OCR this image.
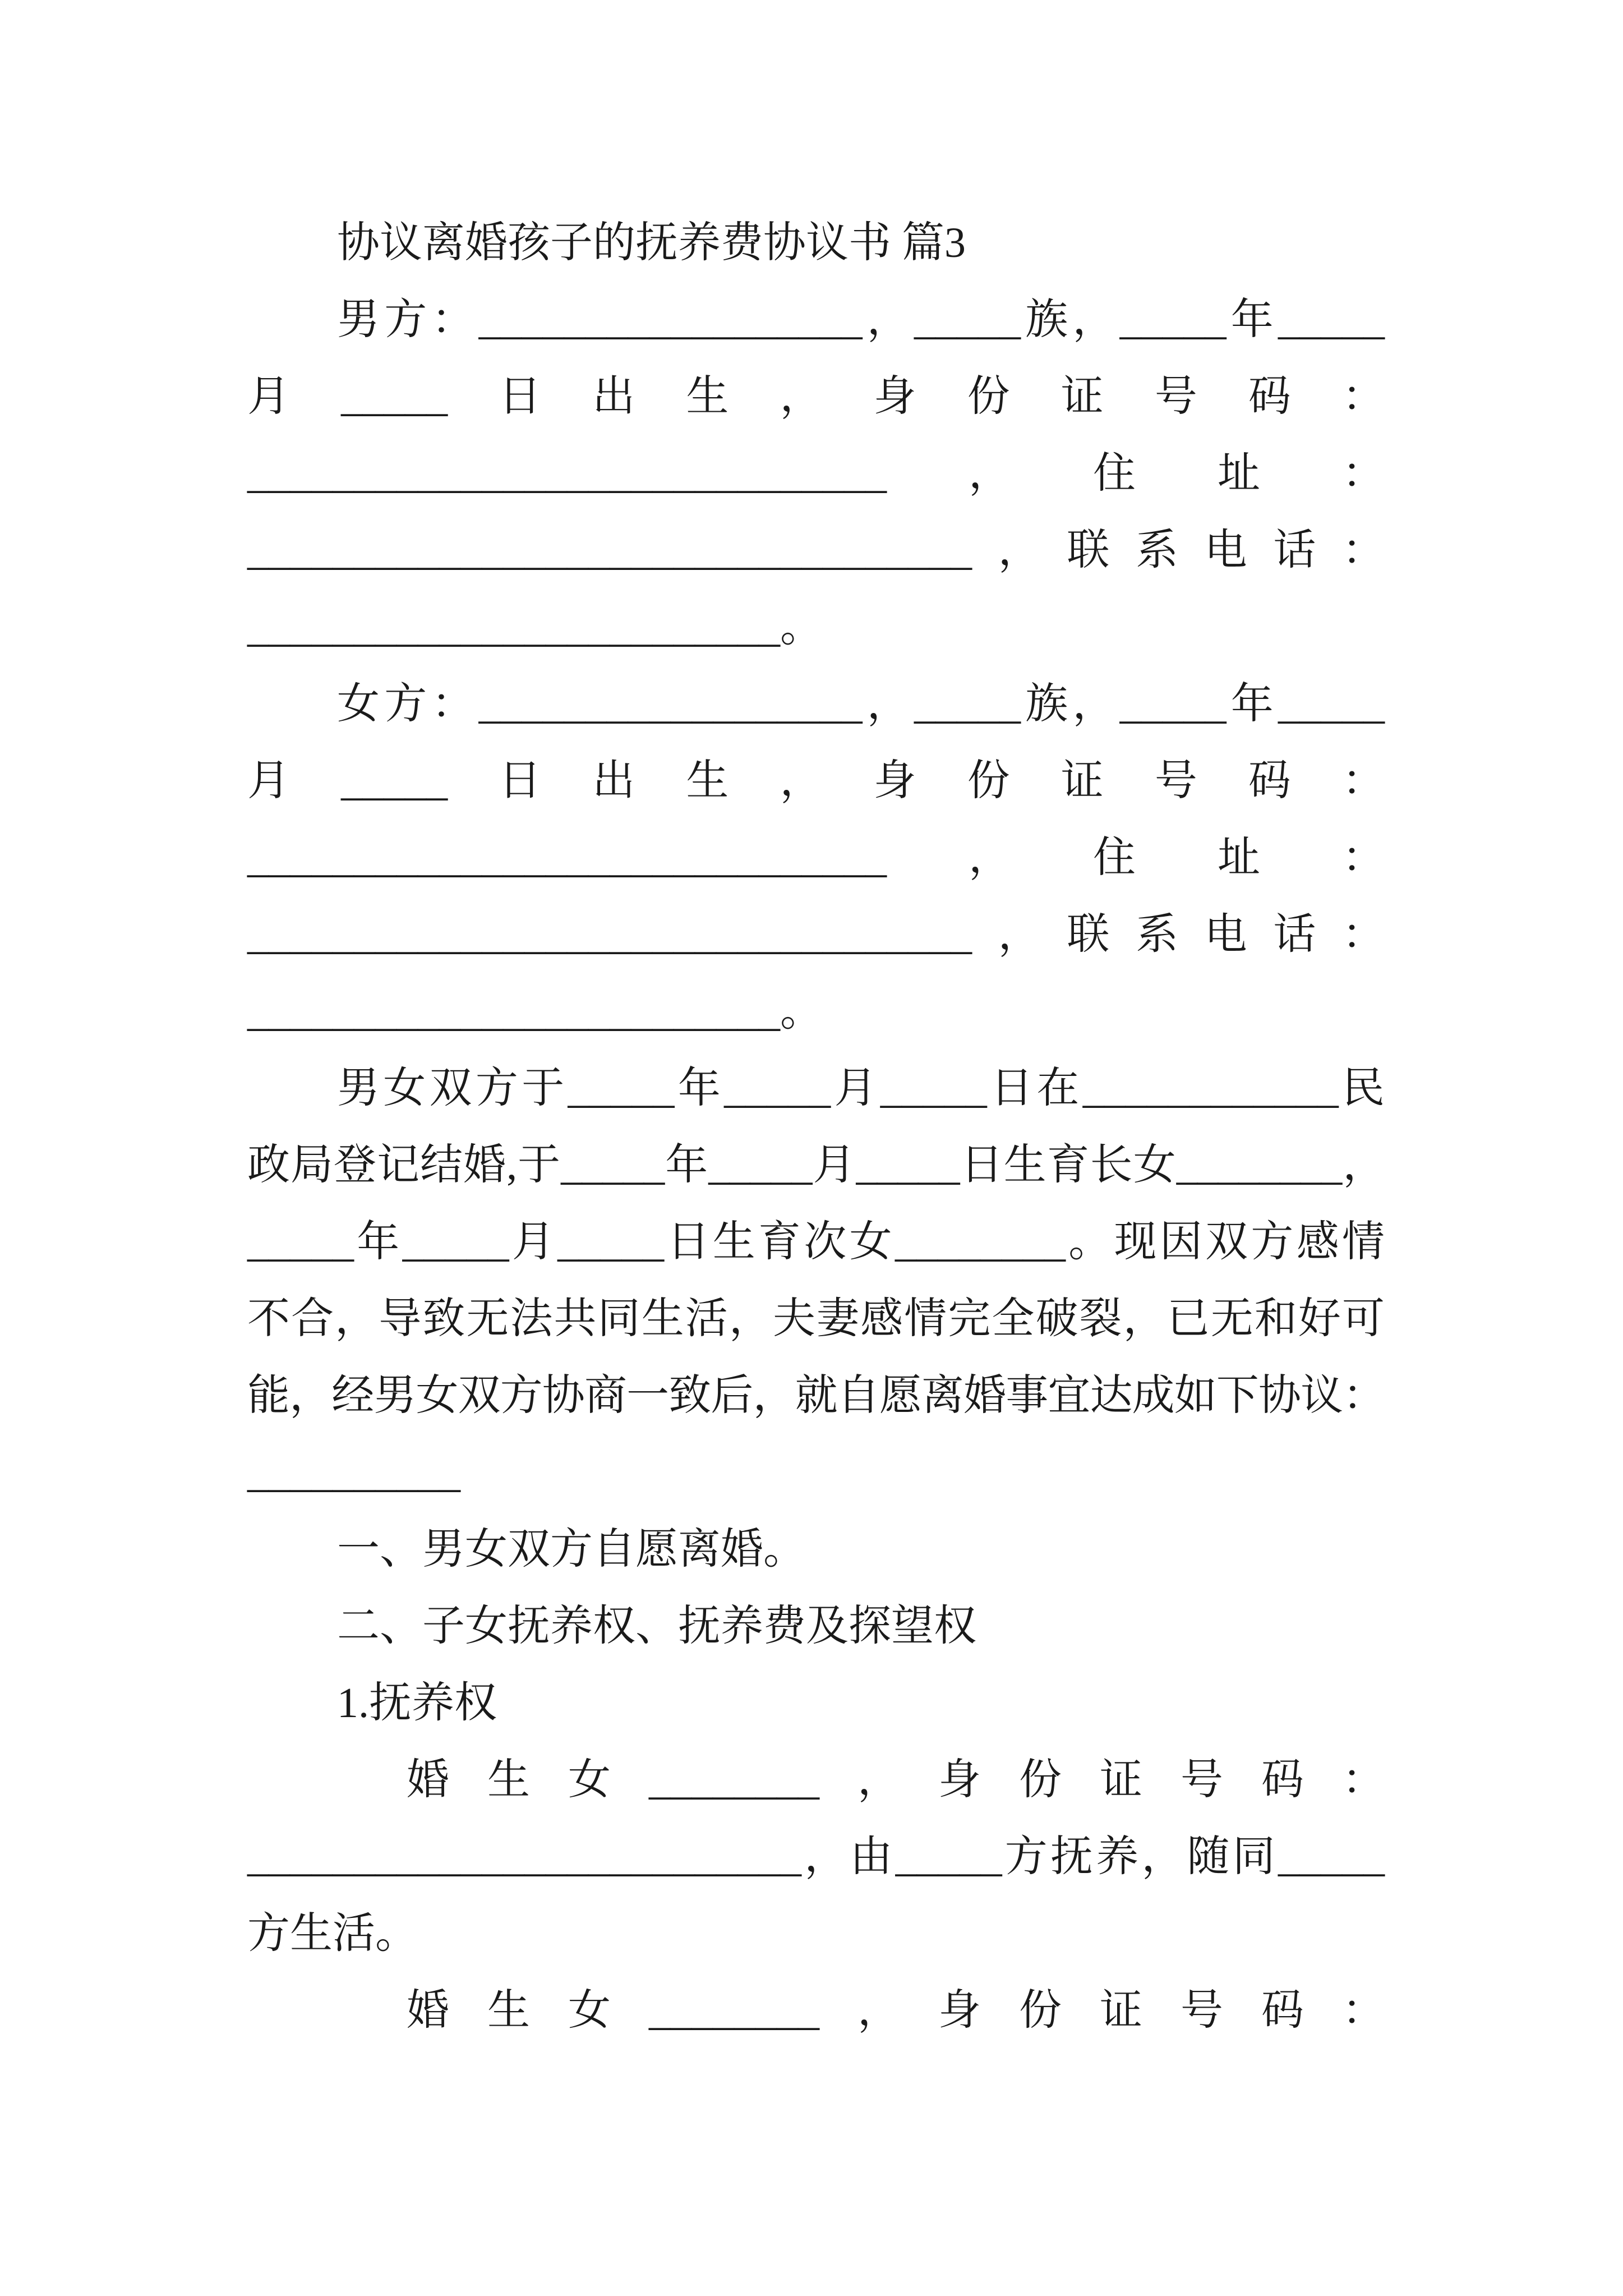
协议离婚孩子的抚养费协议书 篇3
男方：__________________，_____族，_____年_____
月_____日出生，身份证号码：
______________________________，住址：
__________________________________，联系电话：
_________________________。
女方：__________________，_____族，_____年_____
月_____日出生，身份证号码：
______________________________，住址：
__________________________________，联系电话：
_________________________。
男女双方于_____年_____月_____日在____________民
政局登记结婚,于_____年_____月_____日生育长女________，
_____年_____月_____日生育次女________。现因双方感情
不合，导致无法共同生活，夫妻感情完全破裂，已无和好可
能，经男女双方协商一致后，就自愿离婚事宜达成如下协议：
__________
一、男女双方自愿离婚。
二、子女抚养权、抚养费及探望权
1.抚养权
婚生女________，身份证号码：
__________________________，由_____方抚养，随同_____
方生活。
婚生女________，身份证号码：
